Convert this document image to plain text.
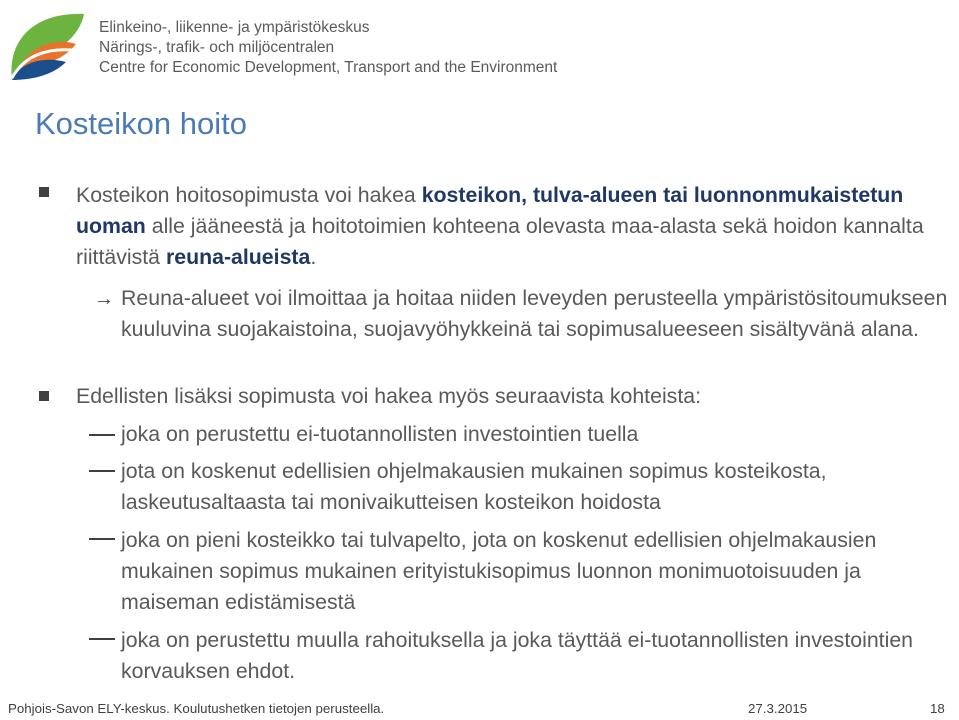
Elinkeino-, liikenne- ja ympäristökeskus
Närings-, trafik- och miljöcentralen
Centre for Economic Development, Transport and the Environment
Kosteikon hoito
Kosteikon hoitosopimusta voi hakea kosteikon, tulva-alueen tai luonnonmukaistetun uoman alle jääneestä ja hoitotoimien kohteena olevasta maa-alasta sekä hoidon kannalta riittävistä reuna-alueista.
→ Reuna-alueet voi ilmoittaa ja hoitaa niiden leveyden perusteella ympäristösitoumukseen kuuluvina suojakaistoina, suojavyöhykkeinä tai sopimusalueeseen sisältyvänä alana.
Edellisten lisäksi sopimusta voi hakea myös seuraavista kohteista:
joka on perustettu ei-tuotannollisten investointien tuella
jota on koskenut edellisien ohjelmakausien mukainen sopimus kosteikosta, laskeutusaltaasta tai monivaikutteisen kosteikon hoidosta
joka on pieni kosteikko tai tulvapelto, jota on koskenut edellisien ohjelmakausien mukainen sopimus mukainen erityistukisopimus luonnon monimuotoisuuden ja maiseman edistämisestä
joka on perustettu muulla rahoituksella ja joka täyttää ei-tuotannollisten investointien korvauksen ehdot.
Pohjois-Savon ELY-keskus. Koulutushetken tietojen perusteella.	27.3.2015	18
